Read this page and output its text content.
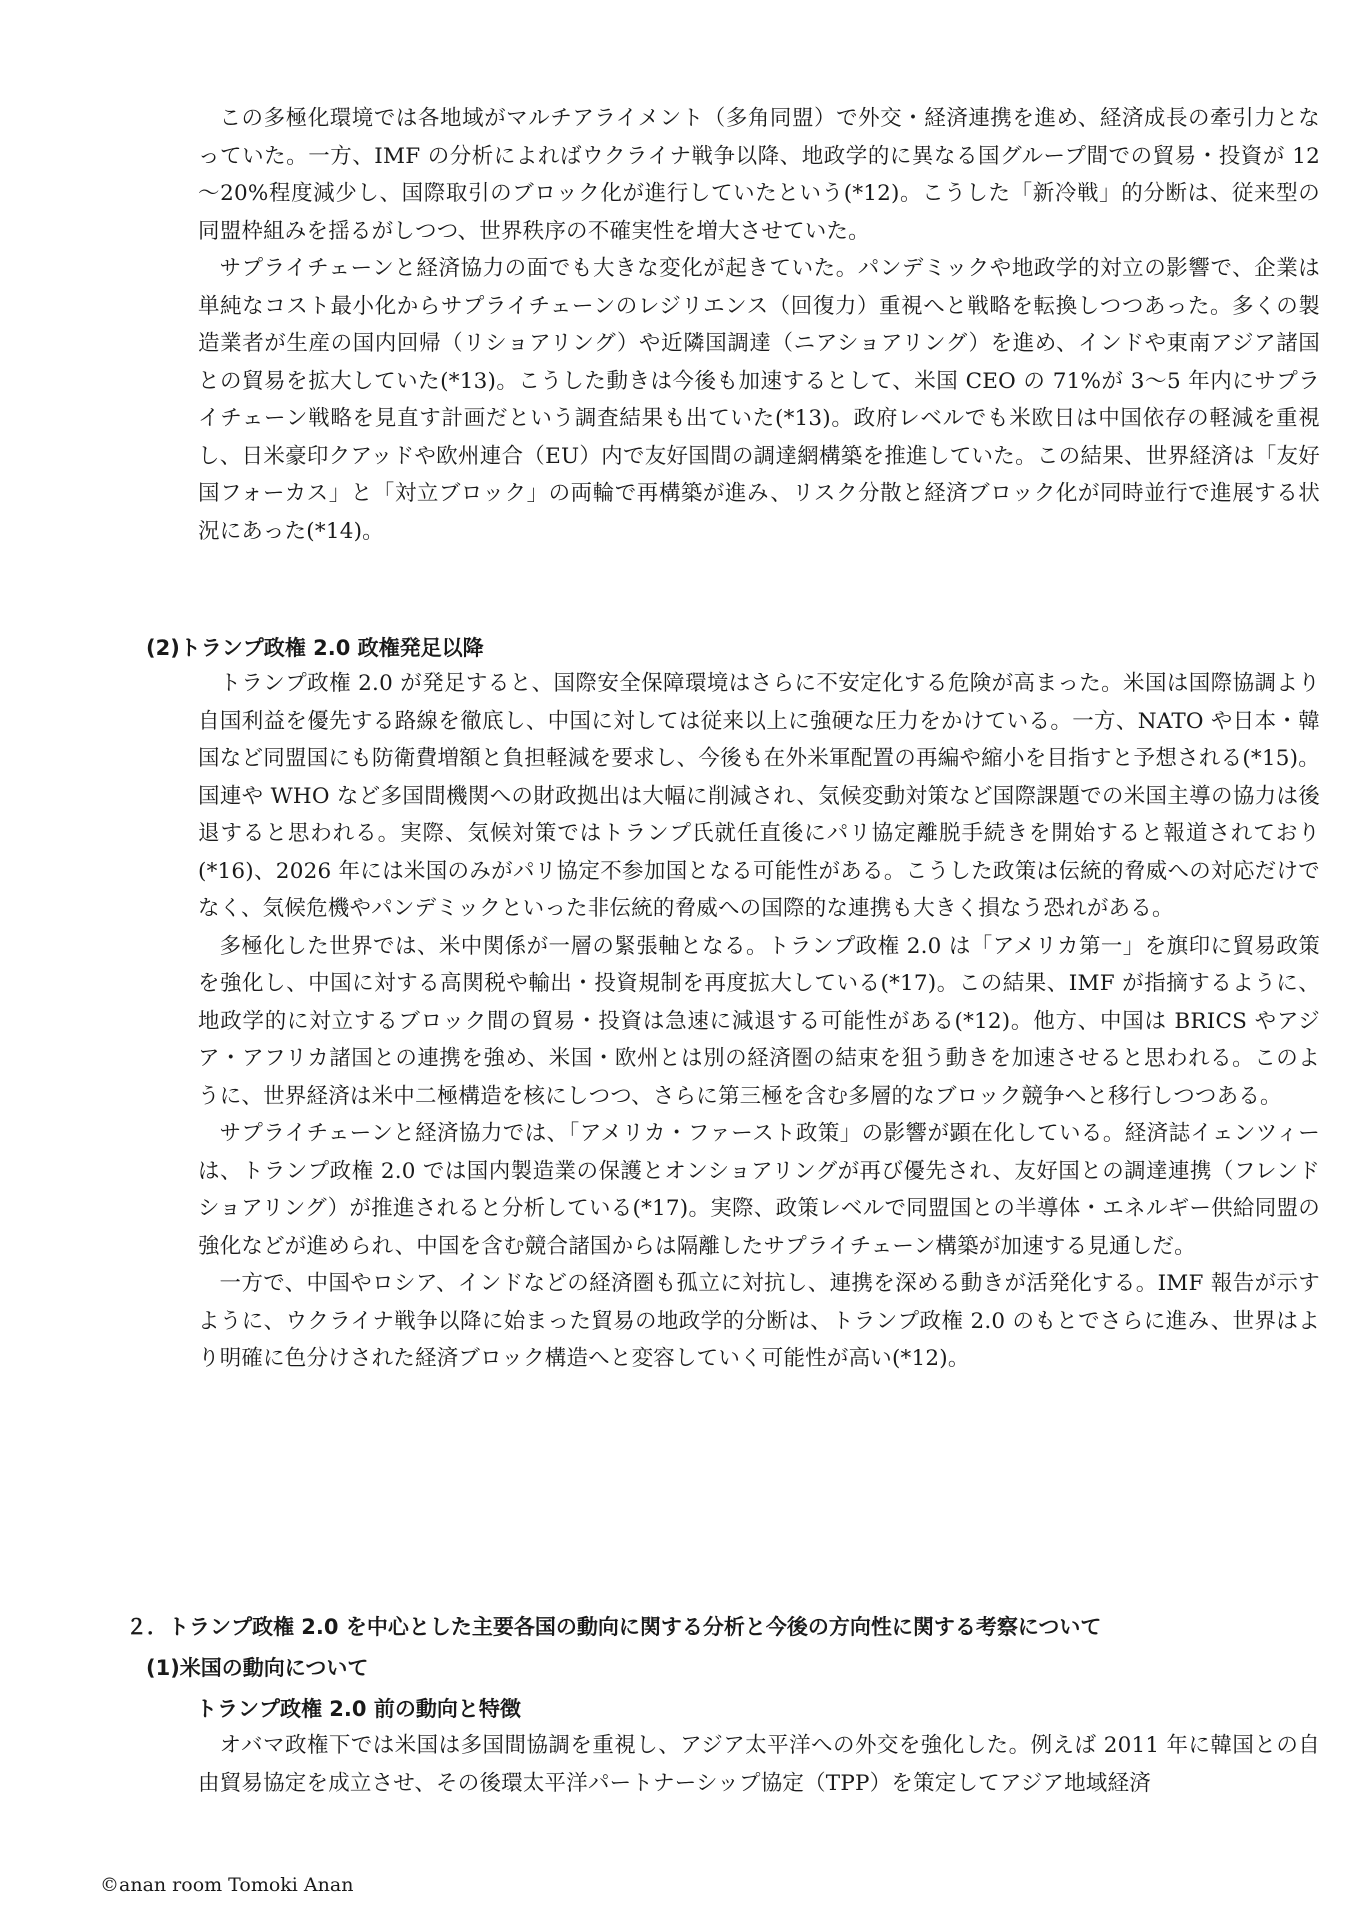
この多極化環境では各地域がマルチアライメント（多角同盟）で外交・経済連携を進め、経済成長の牽引力となっていた。一方、IMF の分析によればウクライナ戦争以降、地政学的に異なる国グループ間での貿易・投資が 12～20%程度減少し、国際取引のブロック化が進行していたという(*12)。こうした「新冷戦」的分断は、従来型の同盟枠組みを揺るがしつつ、世界秩序の不確実性を増大させていた。

サプライチェーンと経済協力の面でも大きな変化が起きていた。パンデミックや地政学的対立の影響で、企業は単純なコスト最小化からサプライチェーンのレジリエンス（回復力）重視へと戦略を転換しつつあった。多くの製造業者が生産の国内回帰（リショアリング）や近隣国調達（ニアショアリング）を進め、インドや東南アジア諸国との貿易を拡大していた(*13)。こうした動きは今後も加速するとして、米国 CEO の 71%が 3～5 年内にサプライチェーン戦略を見直す計画だという調査結果も出ていた(*13)。政府レベルでも米欧日は中国依存の軽減を重視し、日米豪印クアッドや欧州連合（EU）内で友好国間の調達網構築を推進していた。この結果、世界経済は「友好国フォーカス」と「対立ブロック」の両輪で再構築が進み、リスク分散と経済ブロック化が同時並行で進展する状況にあった(*14)。

(2)トランプ政権 2.0 政権発足以降

トランプ政権 2.0 が発足すると、国際安全保障環境はさらに不安定化する危険が高まった。米国は国際協調より自国利益を優先する路線を徹底し、中国に対しては従来以上に強硬な圧力をかけている。一方、NATO や日本・韓国など同盟国にも防衛費増額と負担軽減を要求し、今後も在外米軍配置の再編や縮小を目指すと予想される(*15)。国連や WHO など多国間機関への財政拠出は大幅に削減され、気候変動対策など国際課題での米国主導の協力は後退すると思われる。実際、気候対策ではトランプ氏就任直後にパリ協定離脱手続きを開始すると報道されており(*16)、2026 年には米国のみがパリ協定不参加国となる可能性がある。こうした政策は伝統的脅威への対応だけでなく、気候危機やパンデミックといった非伝統的脅威への国際的な連携も大きく損なう恐れがある。

多極化した世界では、米中関係が一層の緊張軸となる。トランプ政権 2.0 は「アメリカ第一」を旗印に貿易政策を強化し、中国に対する高関税や輸出・投資規制を再度拡大している(*17)。この結果、IMF が指摘するように、地政学的に対立するブロック間の貿易・投資は急速に減退する可能性がある(*12)。他方、中国は BRICS やアジア・アフリカ諸国との連携を強め、米国・欧州とは別の経済圏の結束を狙う動きを加速させると思われる。このように、世界経済は米中二極構造を核にしつつ、さらに第三極を含む多層的なブロック競争へと移行しつつある。

サプライチェーンと経済協力では、「アメリカ・ファースト政策」の影響が顕在化している。経済誌イェンツィーは、トランプ政権 2.0 では国内製造業の保護とオンショアリングが再び優先され、友好国との調達連携（フレンドショアリング）が推進されると分析している(*17)。実際、政策レベルで同盟国との半導体・エネルギー供給同盟の強化などが進められ、中国を含む競合諸国からは隔離したサプライチェーン構築が加速する見通しだ。

一方で、中国やロシア、インドなどの経済圏も孤立に対抗し、連携を深める動きが活発化する。IMF 報告が示すように、ウクライナ戦争以降に始まった貿易の地政学的分断は、トランプ政権 2.0 のもとでさらに進み、世界はより明確に色分けされた経済ブロック構造へと変容していく可能性が高い(*12)。

２．トランプ政権 2.0 を中心とした主要各国の動向に関する分析と今後の方向性に関する考察について
(1)米国の動向について
トランプ政権 2.0 前の動向と特徴

オバマ政権下では米国は多国間協調を重視し、アジア太平洋への外交を強化した。例えば 2011 年に韓国との自由貿易協定を成立させ、その後環太平洋パートナーシップ協定（TPP）を策定してアジア地域経済

©anan room Tomoki Anan
